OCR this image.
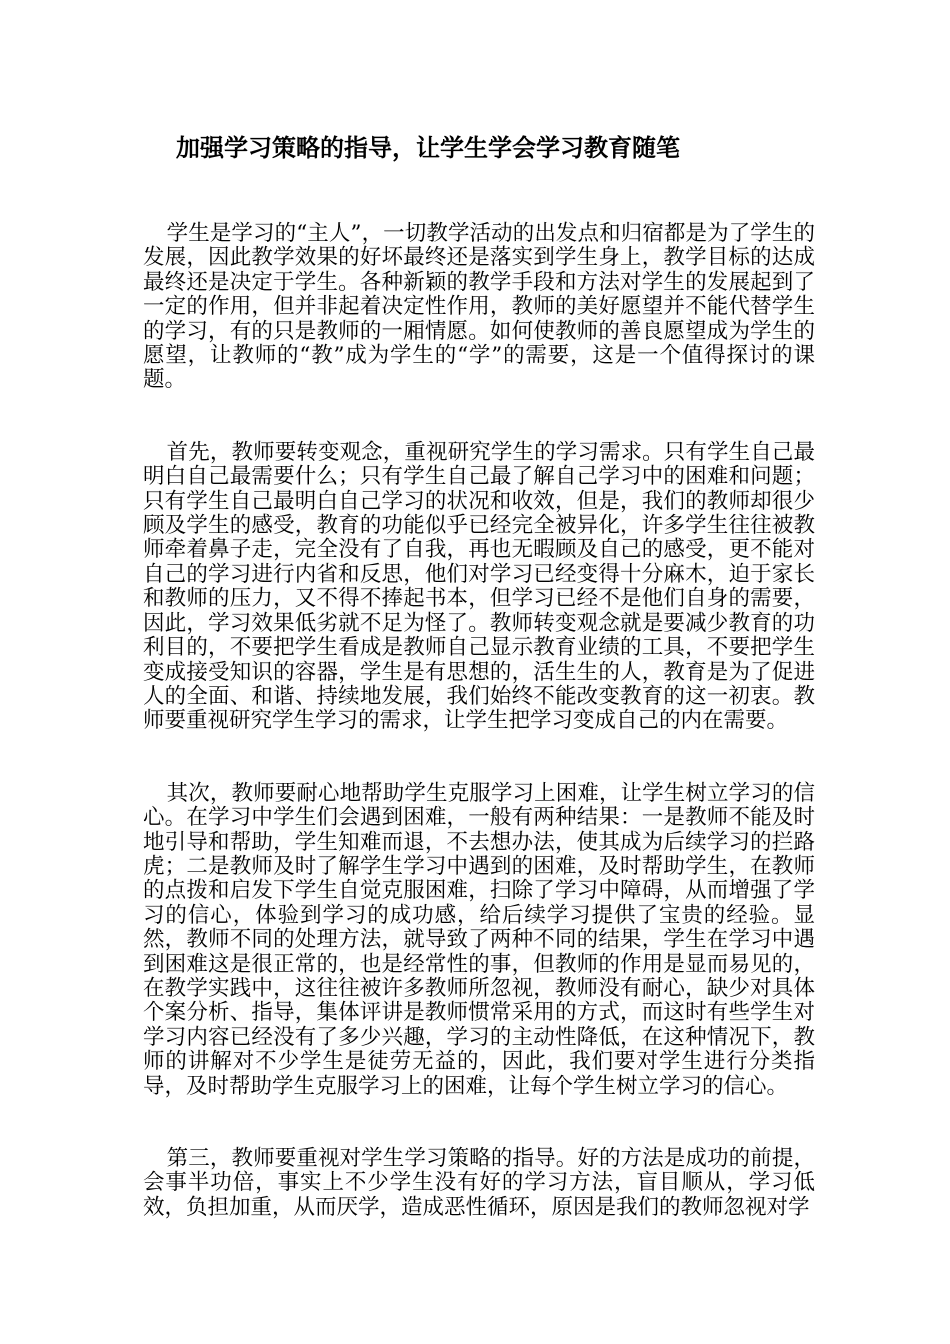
加强学习策略的指导，让学生学会学习教育随笔

学生是学习的“主人”，一切教学活动的出发点和归宿都是为了学生的发展，因此教学效果的好坏最终还是落实到学生身上，教学目标的达成最终还是决定于学生。各种新颖的教学手段和方法对学生的发展起到了一定的作用，但并非起着决定性作用，教师的美好愿望并不能代替学生的学习，有的只是教师的一厢情愿。如何使教师的善良愿望成为学生的愿望，让教师的“教”成为学生的“学”的需要，这是一个值得探讨的课题。

首先，教师要转变观念，重视研究学生的学习需求。只有学生自己最明白自己最需要什么；只有学生自己最了解自己学习中的困难和问题；只有学生自己最明白自己学习的状况和收效，但是，我们的教师却很少顾及学生的感受，教育的功能似乎已经完全被异化，许多学生往往被教师牵着鼻子走，完全没有了自我，再也无暇顾及自己的感受，更不能对自己的学习进行内省和反思，他们对学习已经变得十分麻木，迫于家长和教师的压力，又不得不捧起书本，但学习已经不是他们自身的需要，因此，学习效果低劣就不足为怪了。教师转变观念就是要减少教育的功利目的，不要把学生看成是教师自己显示教育业绩的工具，不要把学生变成接受知识的容器，学生是有思想的，活生生的人，教育是为了促进人的全面、和谐、持续地发展，我们始终不能改变教育的这一初衷。教师要重视研究学生学习的需求，让学生把学习变成自己的内在需要。

其次，教师要耐心地帮助学生克服学习上困难，让学生树立学习的信心。在学习中学生们会遇到困难，一般有两种结果：一是教师不能及时地引导和帮助，学生知难而退，不去想办法，使其成为后续学习的拦路虎；二是教师及时了解学生学习中遇到的困难，及时帮助学生，在教师的点拨和启发下学生自觉克服困难，扫除了学习中障碍，从而增强了学习的信心，体验到学习的成功感，给后续学习提供了宝贵的经验。显然，教师不同的处理方法，就导致了两种不同的结果，学生在学习中遇到困难这是很正常的，也是经常性的事，但教师的作用是显而易见的，在教学实践中，这往往被许多教师所忽视，教师没有耐心，缺少对具体个案分析、指导，集体评讲是教师惯常采用的方式，而这时有些学生对学习内容已经没有了多少兴趣，学习的主动性降低，在这种情况下，教师的讲解对不少学生是徒劳无益的，因此，我们要对学生进行分类指导，及时帮助学生克服学习上的困难，让每个学生树立学习的信心。

第三，教师要重视对学生学习策略的指导。好的方法是成功的前提，会事半功倍，事实上不少学生没有好的学习方法，盲目顺从，学习低效，负担加重，从而厌学，造成恶性循环，原因是我们的教师忽视对学
